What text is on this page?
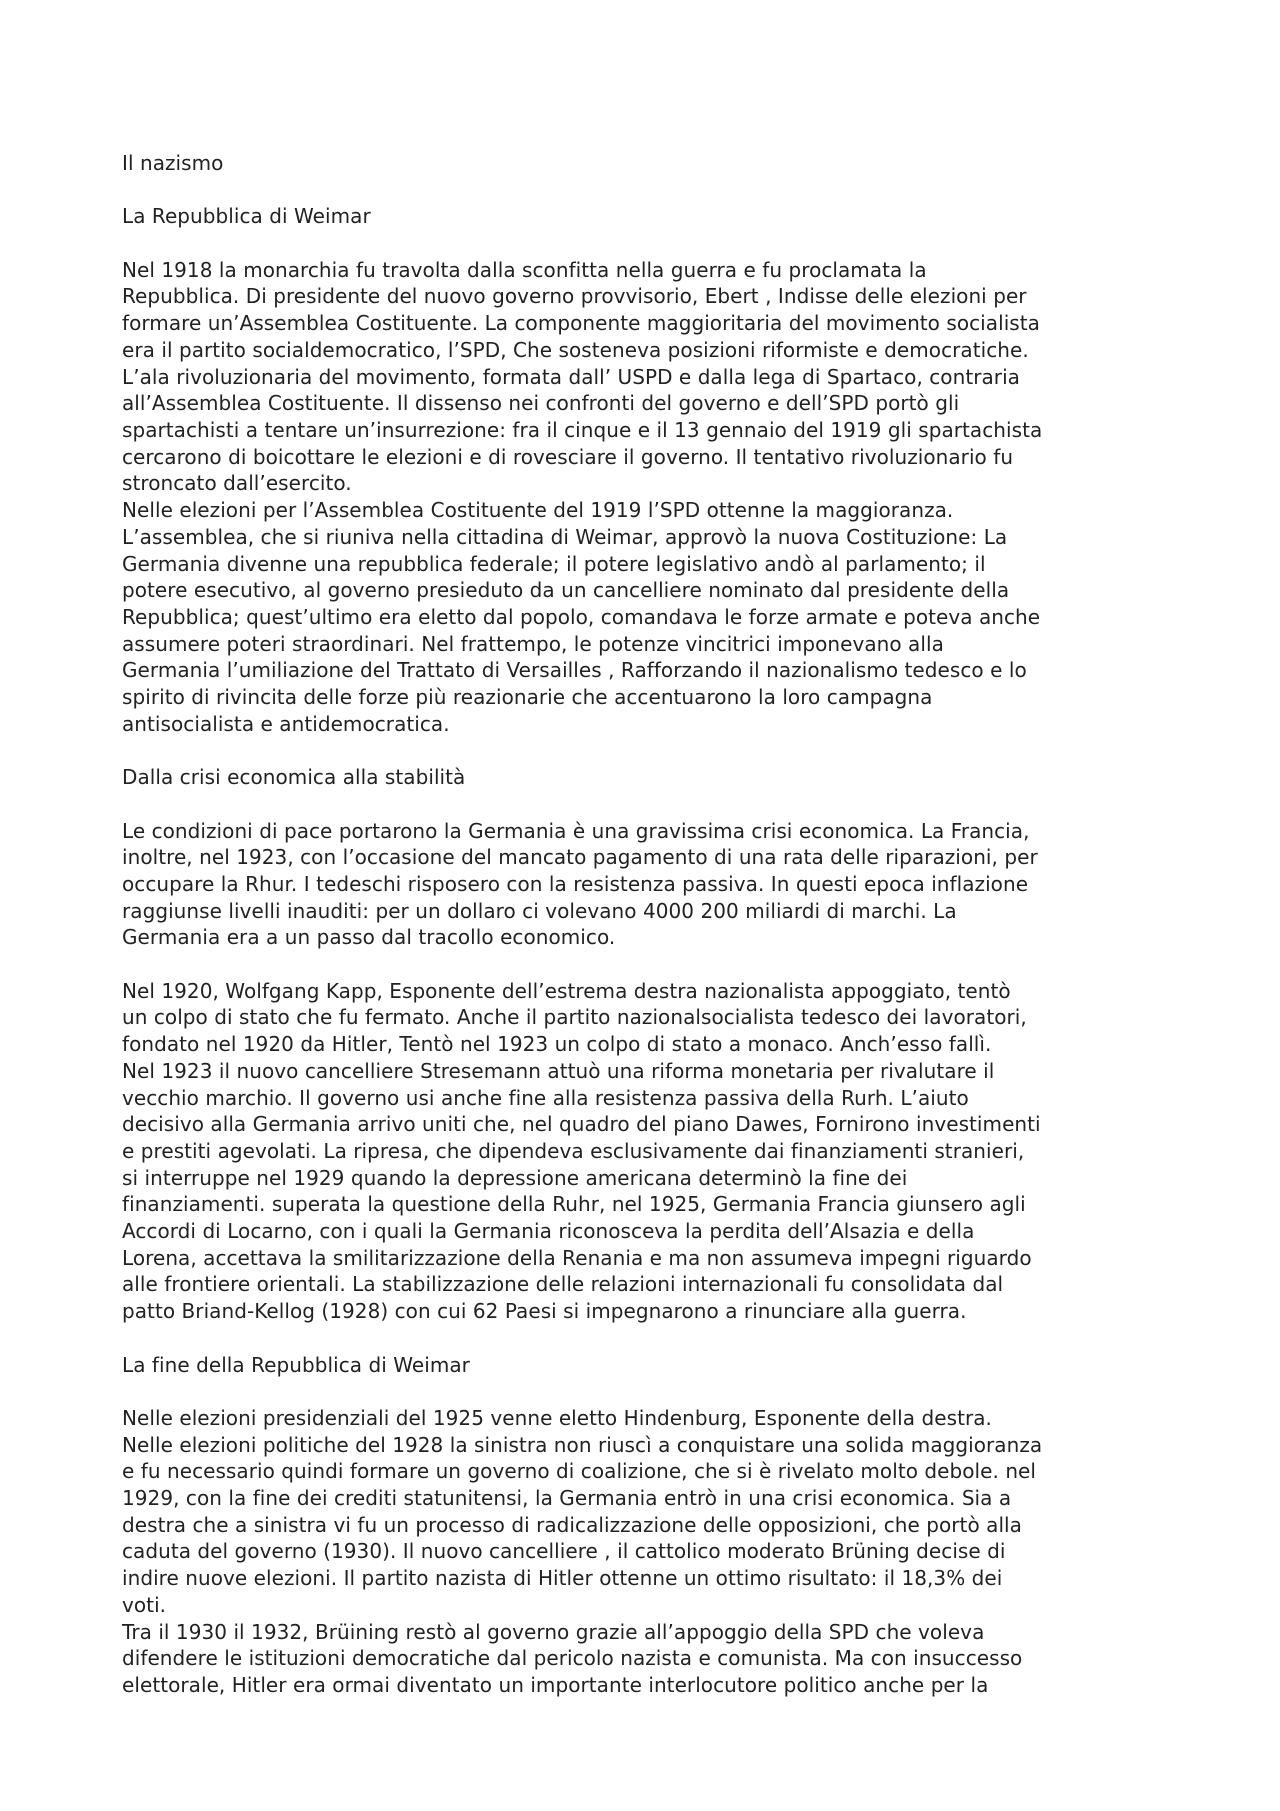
Il nazismo

La Repubblica di Weimar

Nel 1918 la monarchia fu travolta dalla sconfitta nella guerra e fu proclamata la
Repubblica. Di presidente del nuovo governo provvisorio, Ebert , Indisse delle elezioni per
formare un’Assemblea Costituente. La componente maggioritaria del movimento socialista
era il partito socialdemocratico, l’SPD, Che sosteneva posizioni riformiste e democratiche.
L’ala rivoluzionaria del movimento, formata dall’ USPD e dalla lega di Spartaco, contraria
all’Assemblea Costituente. Il dissenso nei confronti del governo e dell’SPD portò gli
spartachisti a tentare un’insurrezione: fra il cinque e il 13 gennaio del 1919 gli spartachista
cercarono di boicottare le elezioni e di rovesciare il governo. Il tentativo rivoluzionario fu
stroncato dall’esercito.
Nelle elezioni per l’Assemblea Costituente del 1919 l’SPD ottenne la maggioranza.
L’assemblea, che si riuniva nella cittadina di Weimar, approvò la nuova Costituzione: La
Germania divenne una repubblica federale; il potere legislativo andò al parlamento; il
potere esecutivo, al governo presieduto da un cancelliere nominato dal presidente della
Repubblica; quest’ultimo era eletto dal popolo, comandava le forze armate e poteva anche
assumere poteri straordinari. Nel frattempo, le potenze vincitrici imponevano alla
Germania l’umiliazione del Trattato di Versailles , Rafforzando il nazionalismo tedesco e lo
spirito di rivincita delle forze più reazionarie che accentuarono la loro campagna
antisocialista e antidemocratica.

Dalla crisi economica alla stabilità

Le condizioni di pace portarono la Germania è una gravissima crisi economica. La Francia,
inoltre, nel 1923, con l’occasione del mancato pagamento di una rata delle riparazioni, per
occupare la Rhur. I tedeschi risposero con la resistenza passiva. In questi epoca inflazione
raggiunse livelli inauditi: per un dollaro ci volevano 4000 200 miliardi di marchi. La
Germania era a un passo dal tracollo economico.

Nel 1920, Wolfgang Kapp, Esponente dell’estrema destra nazionalista appoggiato, tentò
un colpo di stato che fu fermato. Anche il partito nazionalsocialista tedesco dei lavoratori,
fondato nel 1920 da Hitler, Tentò nel 1923 un colpo di stato a monaco. Anch’esso fallì.
Nel 1923 il nuovo cancelliere Stresemann attuò una riforma monetaria per rivalutare il
vecchio marchio. Il governo usi anche fine alla resistenza passiva della Rurh. L’aiuto
decisivo alla Germania arrivo uniti che, nel quadro del piano Dawes, Fornirono investimenti
e prestiti agevolati. La ripresa, che dipendeva esclusivamente dai finanziamenti stranieri,
si interruppe nel 1929 quando la depressione americana determinò la fine dei
finanziamenti. superata la questione della Ruhr, nel 1925, Germania Francia giunsero agli
Accordi di Locarno, con i quali la Germania riconosceva la perdita dell’Alsazia e della
Lorena, accettava la smilitarizzazione della Renania e ma non assumeva impegni riguardo
alle frontiere orientali. La stabilizzazione delle relazioni internazionali fu consolidata dal
patto Briand-Kellog (1928) con cui 62 Paesi si impegnarono a rinunciare alla guerra.

La fine della Repubblica di Weimar

Nelle elezioni presidenziali del 1925 venne eletto Hindenburg, Esponente della destra.
Nelle elezioni politiche del 1928 la sinistra non riuscì a conquistare una solida maggioranza
e fu necessario quindi formare un governo di coalizione, che si è rivelato molto debole. nel
1929, con la fine dei crediti statunitensi, la Germania entrò in una crisi economica. Sia a
destra che a sinistra vi fu un processo di radicalizzazione delle opposizioni, che portò alla
caduta del governo (1930). Il nuovo cancelliere , il cattolico moderato Brüning decise di
indire nuove elezioni. Il partito nazista di Hitler ottenne un ottimo risultato: il 18,3% dei
voti.
Tra il 1930 il 1932, Brüining restò al governo grazie all’appoggio della SPD che voleva
difendere le istituzioni democratiche dal pericolo nazista e comunista. Ma con insuccesso
elettorale, Hitler era ormai diventato un importante interlocutore politico anche per la
